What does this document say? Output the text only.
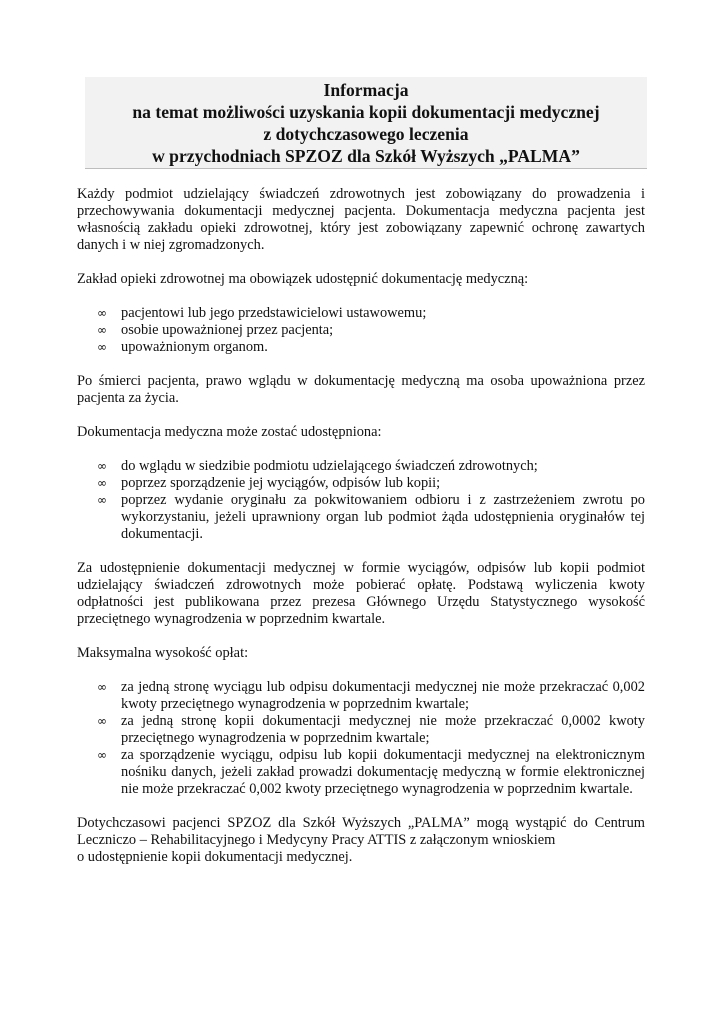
Informacja
na temat możliwości uzyskania kopii dokumentacji medycznej
z dotychczasowego leczenia
w przychodniach SPZOZ dla Szkół Wyższych „PALMA”

Każdy podmiot udzielający świadczeń zdrowotnych jest zobowiązany do prowadzenia i przechowywania dokumentacji medycznej pacjenta. Dokumentacja medyczna pacjenta jest własnością zakładu opieki zdrowotnej, który jest zobowiązany zapewnić ochronę zawartych danych i w niej zgromadzonych.

Zakład opieki zdrowotnej ma obowiązek udostępnić dokumentację medyczną:

∞ pacjentowi lub jego przedstawicielowi ustawowemu;
∞ osobie upoważnionej przez pacjenta;
∞ upoważnionym organom.

Po śmierci pacjenta, prawo wglądu w dokumentację medyczną ma osoba upoważniona przez pacjenta za życia.

Dokumentacja medyczna może zostać udostępniona:

∞ do wglądu w siedzibie podmiotu udzielającego świadczeń zdrowotnych;
∞ poprzez sporządzenie jej wyciągów, odpisów lub kopii;
∞ poprzez wydanie oryginału za pokwitowaniem odbioru i z zastrzeżeniem zwrotu po wykorzystaniu, jeżeli uprawniony organ lub podmiot żąda udostępnienia oryginałów tej dokumentacji.

Za udostępnienie dokumentacji medycznej w formie wyciągów, odpisów lub kopii podmiot udzielający świadczeń zdrowotnych może pobierać opłatę. Podstawą wyliczenia kwoty odpłatności jest publikowana przez prezesa Głównego Urzędu Statystycznego wysokość przeciętnego wynagrodzenia w poprzednim kwartale.

Maksymalna wysokość opłat:

∞ za jedną stronę wyciągu lub odpisu dokumentacji medycznej nie może przekraczać 0,002 kwoty przeciętnego wynagrodzenia w poprzednim kwartale;
∞ za jedną stronę kopii dokumentacji medycznej nie może przekraczać 0,0002 kwoty przeciętnego wynagrodzenia w poprzednim kwartale;
∞ za sporządzenie wyciągu, odpisu lub kopii dokumentacji medycznej na elektronicznym nośniku danych, jeżeli zakład prowadzi dokumentację medyczną w formie elektronicznej nie może przekraczać 0,002 kwoty przeciętnego wynagrodzenia w poprzednim kwartale.

Dotychczasowi pacjenci SPZOZ dla Szkół Wyższych „PALMA” mogą wystąpić do Centrum Leczniczo – Rehabilitacyjnego i Medycyny Pracy ATTIS z załączonym wnioskiem
o udostępnienie kopii dokumentacji medycznej.
